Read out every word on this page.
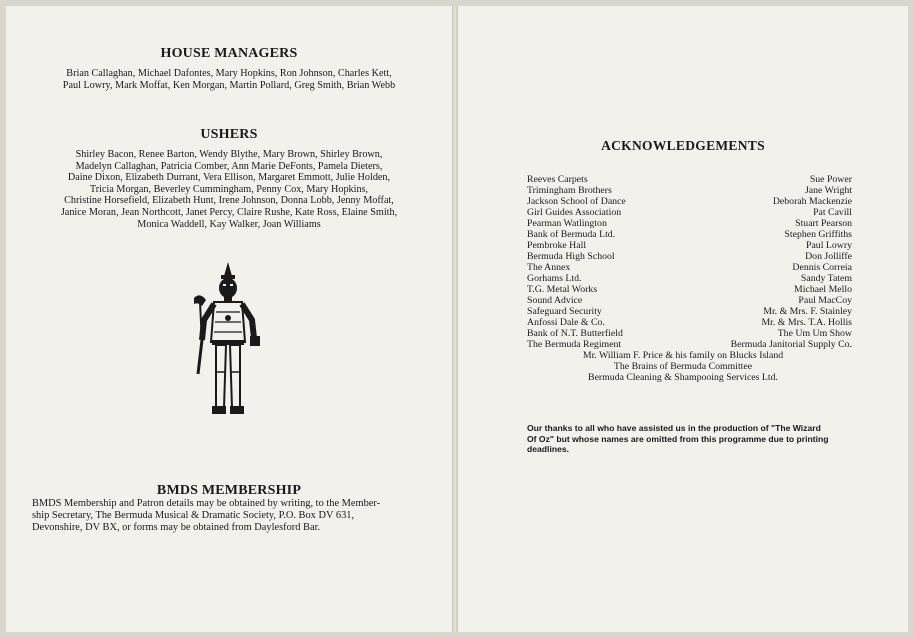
HOUSE MANAGERS
Brian Callaghan, Michael Dafontes, Mary Hopkins, Ron Johnson, Charles Kett,
Paul Lowry, Mark Moffat, Ken Morgan, Martin Pollard, Greg Smith, Brian Webb
USHERS
Shirley Bacon, Renee Barton, Wendy Blythe, Mary Brown, Shirley Brown,
Madelyn Callaghan, Patricia Comber, Ann Marie DeFonts, Pamela Dieters,
Daine Dixon, Elizabeth Durrant, Vera Ellison, Margaret Emmott, Julie Holden,
Tricia Morgan, Beverley Cummingham, Penny Cox, Mary Hopkins,
Christine Horsefield, Elizabeth Hunt, Irene Johnson, Donna Lobb, Jenny Moffat,
Janice Moran, Jean Northcott, Janet Percy, Claire Rushe, Kate Ross, Elaine Smith,
Monica Waddell, Kay Walker, Joan Williams
BMDS MEMBERSHIP
BMDS Membership and Patron details may be obtained by writing, to the Member-
ship Secretary, The Bermuda Musical & Dramatic Society, P.O. Box DV 631,
Devonshire, DV BX, or forms may be obtained from Daylesford Bar.
ACKNOWLEDGEMENTS
Reeves Carpets	Sue Power
Trimingham Brothers	Jane Wright
Jackson School of Dance	Deborah Mackenzie
Girl Guides Association	Pat Cavill
Pearman Watlington	Stuart Pearson
Bank of Bermuda Ltd.	Stephen Griffiths
Pembroke Hall	Paul Lowry
Bermuda High School	Don Jolliffe
The Annex	Dennis Correia
Gorhams Ltd.	Sandy Tatem
T.G. Metal Works	Michael Mello
Sound Advice	Paul MacCoy
Safeguard Security	Mr. & Mrs. F. Stainley
Anfossi Dale & Co.	Mr. & Mrs. T.A. Hollis
Bank of N.T. Butterfield	The Um Um Show
The Bermuda Regiment	Bermuda Janitorial Supply Co.
Mr. William F. Price & his family on Blucks Island
The Brains of Bermuda Committee
Bermuda Cleaning & Shampooing Services Ltd.
Our thanks to all who have assisted us in the production of "The Wizard
Of Oz" but whose names are omitted from this programme due to printing
deadlines.
